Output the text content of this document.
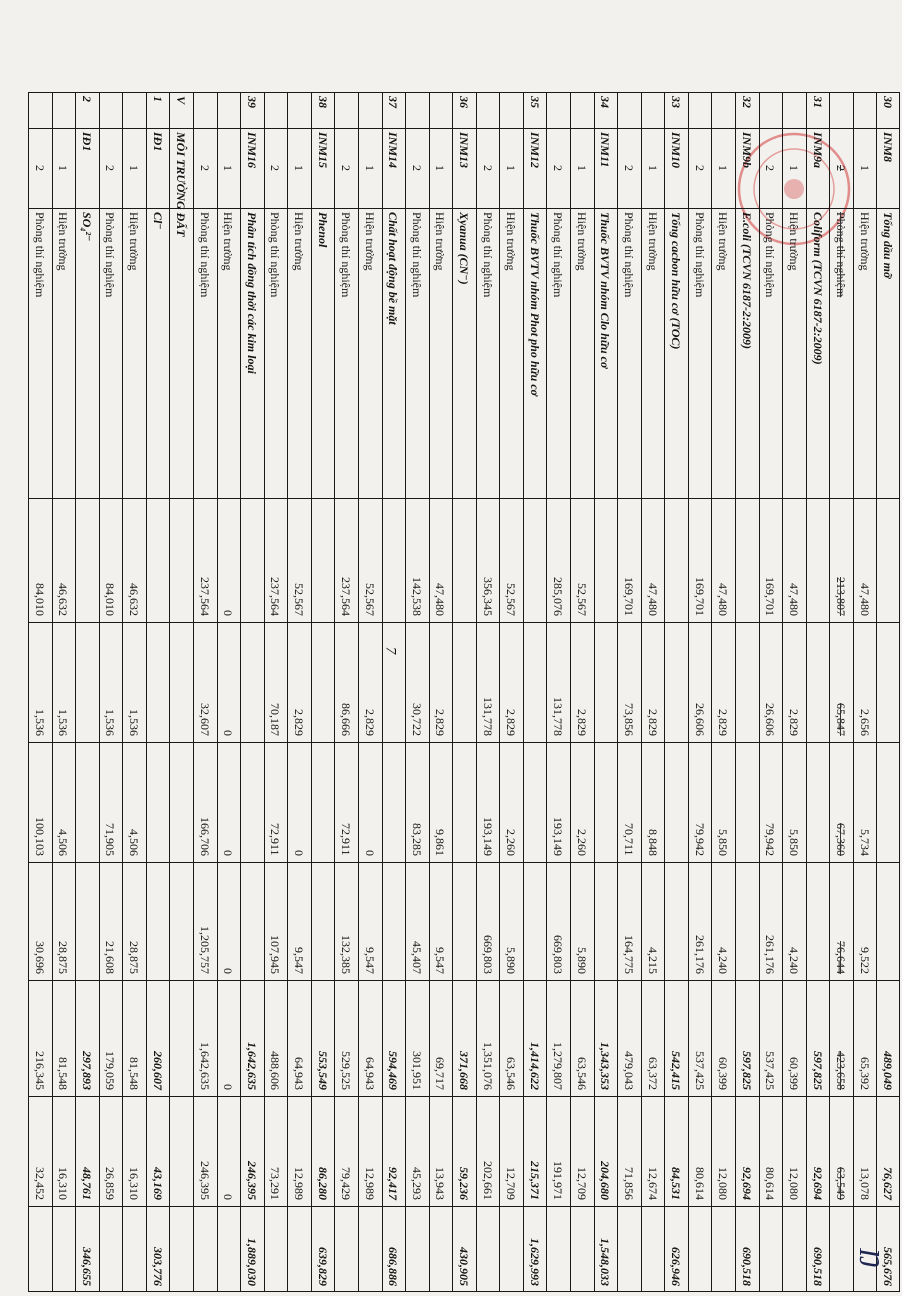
30
INM8
Tổng dầu mỡ
489,049
76,627
565,676
1
Hiện trường
47,480
2,656
5,734
9,522
65,392
13,078
2
Phòng thí nghiệm
213,807
65,847
67,360
76,644
423,658
63,549
31
INM9a
Coliform (TCVN 6187-2:2009)
597,825
92,694
690,518
1
Hiện trường
47,480
2,829
5,850
4,240
60,399
12,080
2
Phòng thí nghiệm
169,701
26,606
79,942
261,176
537,425
80,614
32
INM9b
E.coli (TCVN 6187-2:2009)
597,825
92,694
690,518
1
Hiện trường
47,480
2,829
5,850
4,240
60,399
12,080
2
Phòng thí nghiệm
169,701
26,606
79,942
261,176
537,425
80,614
33
INM10
Tổng cacbon hữu cơ (TOC)
542,415
84,531
626,946
1
Hiện trường
47,480
2,829
8,848
4,215
63,372
12,674
2
Phòng thí nghiệm
169,701
73,856
70,711
164,775
479,043
71,856
34
INM11
Thuốc BVTV nhóm Clo hữu cơ
1,343,353
204,680
1,548,033
1
Hiện trường
52,567
2,829
2,260
5,890
63,546
12,709
2
Phòng thí nghiệm
285,076
131,778
193,149
669,803
1,279,807
191,971
35
INM12
Thuốc BVTV nhóm Phot pho hữu cơ
1,414,622
215,371
1,629,993
1
Hiện trường
52,567
2,829
2,260
5,890
63,546
12,709
2
Phòng thí nghiệm
356,345
131,778
193,149
669,803
1,351,076
202,661
36
INM13
Xyanua (CN⁻)
371,668
59,236
430,905
1
Hiện trường
47,480
2,829
9,861
9,547
69,717
13,943
2
Phòng thí nghiệm
142,538
30,722
83,285
45,407
301,951
45,293
37
INM14
Chất hoạt động bề mặt
594,469
92,417
686,886
1
Hiện trường
52,567
2,829
0
9,547
64,943
12,989
2
Phòng thí nghiệm
237,564
86,666
72,911
132,385
529,525
79,429
38
INM15
Phenol
553,549
86,280
639,829
1
Hiện trường
52,567
2,829
0
9,547
64,943
12,989
2
Phòng thí nghiệm
237,564
70,187
72,911
107,945
488,606
73,291
39
INM16
Phân tích đồng thời các kim loại
1,642,635
246,395
1,889,030
1
Hiện trường
0
0
0
0
0
0
2
Phòng thí nghiệm
237,564
32,607
166,706
1,205,757
1,642,635
246,395
V
MÔI TRƯỜNG ĐẤT
1
IĐ1
Cl⁻
260,607
43,169
303,776
1
Hiện trường
46,632
1,536
4,506
28,875
81,548
16,310
2
Phòng thí nghiệm
84,010
1,536
71,905
21,608
179,059
26,859
2
IĐ1
SO₄²⁻
297,893
48,761
346,655
1
Hiện trường
46,632
1,536
4,506
28,875
81,548
16,310
2
Phòng thí nghiệm
84,010
1,536
100,103
30,696
216,345
32,452
7
Ŋ
